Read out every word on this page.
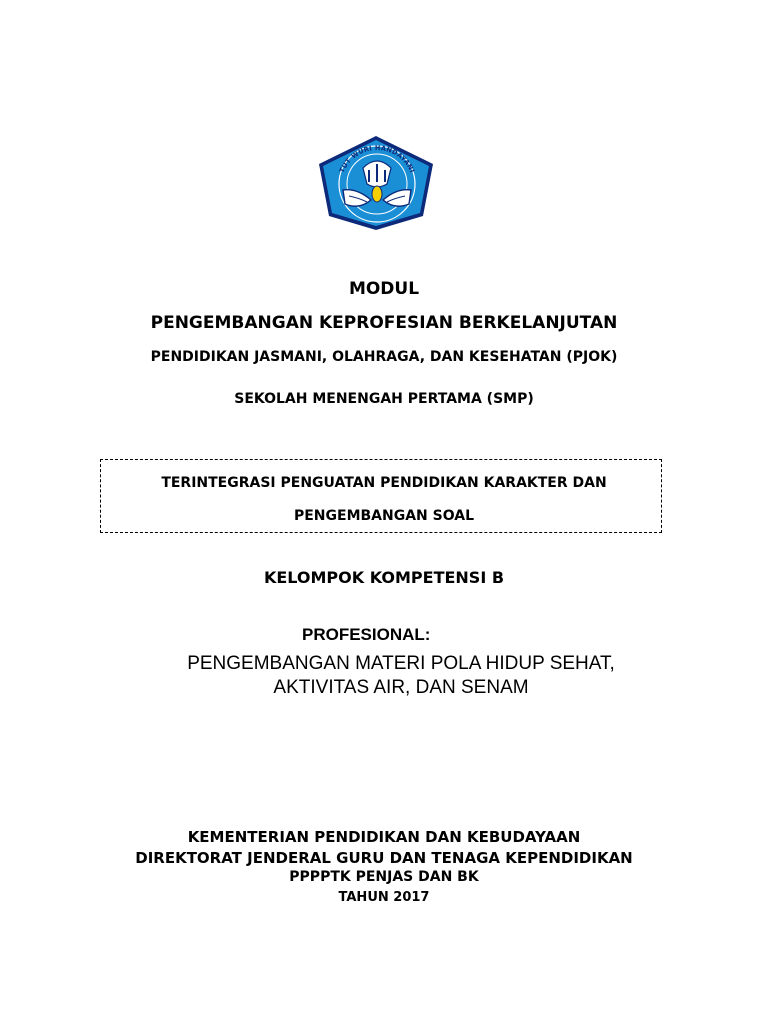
TUT WURI HANDAYANI
MODUL
PENGEMBANGAN KEPROFESIAN BERKELANJUTAN
PENDIDIKAN JASMANI, OLAHRAGA, DAN KESEHATAN (PJOK)
SEKOLAH MENENGAH PERTAMA (SMP)
TERINTEGRASI PENGUATAN PENDIDIKAN KARAKTER DAN
PENGEMBANGAN SOAL
KELOMPOK KOMPETENSI B
PROFESIONAL:
PENGEMBANGAN MATERI POLA HIDUP SEHAT,
AKTIVITAS AIR, DAN SENAM
KEMENTERIAN PENDIDIKAN DAN KEBUDAYAAN
DIREKTORAT JENDERAL GURU DAN TENAGA KEPENDIDIKAN
PPPPTK PENJAS DAN BK
TAHUN 2017
